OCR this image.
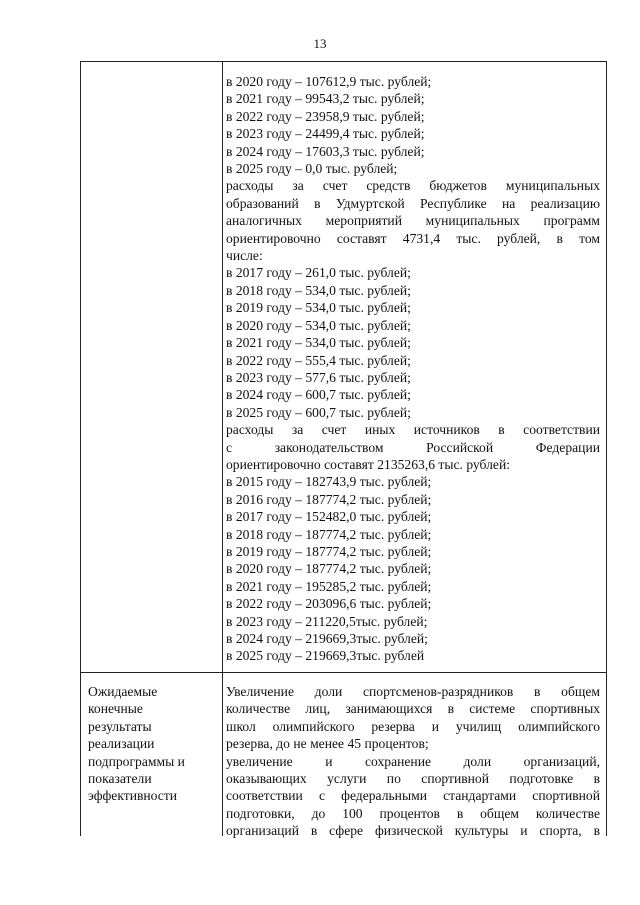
13
в 2020 году – 107612,9 тыс. рублей;
в 2021 году – 99543,2 тыс. рублей;
в 2022 году – 23958,9 тыс. рублей;
в 2023 году – 24499,4 тыс. рублей;
в 2024 году – 17603,3 тыс. рублей;
в 2025 году – 0,0 тыс. рублей;
расходы за счет средств бюджетов муниципальных
образований в Удмуртской Республике на реализацию
аналогичных мероприятий муниципальных программ
ориентировочно составят 4731,4 тыс. рублей, в том
числе:
в 2017 году – 261,0 тыс. рублей;
в 2018 году – 534,0 тыс. рублей;
в 2019 году – 534,0 тыс. рублей;
в 2020 году – 534,0 тыс. рублей;
в 2021 году – 534,0 тыс. рублей;
в 2022 году – 555,4 тыс. рублей;
в 2023 году – 577,6 тыс. рублей;
в 2024 году – 600,7 тыс. рублей;
в 2025 году – 600,7 тыс. рублей;
расходы за счет иных источников в соответствии
с законодательством Российской Федерации
ориентировочно составят 2135263,6 тыс. рублей:
в 2015 году – 182743,9 тыс. рублей;
в 2016 году – 187774,2 тыс. рублей;
в 2017 году – 152482,0 тыс. рублей;
в 2018 году – 187774,2 тыс. рублей;
в 2019 году – 187774,2 тыс. рублей;
в 2020 году – 187774,2 тыс. рублей;
в 2021 году – 195285,2 тыс. рублей;
в 2022 году – 203096,6 тыс. рублей;
в 2023 году – 211220,5тыс. рублей;
в 2024 году – 219669,3тыс. рублей;
в 2025 году – 219669,3тыс. рублей
Ожидаемые
конечные
результаты
реализации
подпрограммы и
показатели
эффективности
Увеличение доли спортсменов-разрядников в общем
количестве лиц, занимающихся в системе спортивных
школ олимпийского резерва и училищ олимпийского
резерва, до не менее 45 процентов;
увеличение и сохранение доли организаций,
оказывающих услуги по спортивной подготовке в
соответствии с федеральными стандартами спортивной
подготовки, до 100 процентов в общем количестве
организаций в сфере физической культуры и спорта, в
